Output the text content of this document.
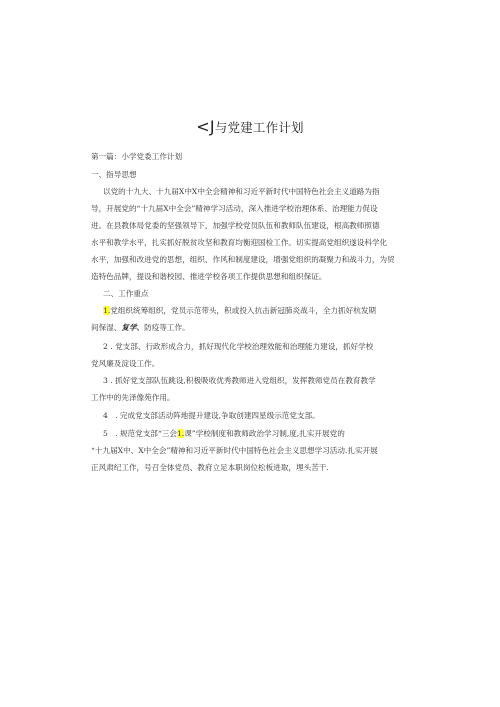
<J与党建工作计划
第一篇：小学党委工作计划
一、指导思想
以党的十九大、十九届X中X中全会精神和习近平新时代中国特色社会主义道路为指
导，开展党的“十九届X中全会”精神学习活动，深入推进学校治理体系、治理能力促设
进。在县教体局党委的坚强领导下，加强学校党员队伍和教师队伍建设，根高教师照德
水平和教学水平，扎实抓好脱贫攻坚和教育均衡迎国检工作。切实提高党组织遂设科学化
水平，加强和改进党的思想，组织、作风和制度建设，增强党组织的凝聚力和战斗力，为贸
造特色品牌，提设和谐校园、推进学校各项工作提供思想和组织保证。
二、工作重点
1.党组织统筹组织，党员示范带头，积或投入抗击新冠肺炎战斗，全力抓好杭发期
间保湿、复学、防疫等工作。
2 . 党支部、行政形成合力，抓好现代化学校治理效能和治理能力建设，抓好学校
党风廉及淀设工作。
3 . 抓好党支部队伍跳设,积极吸收优秀教师进入党组织，发挥教师党员在教育教学
工作中的先泽像苑作用。
4 . 完成党支部活动阵地提升建设,争取创建四星级示范党支部。
5 . 规范党支部“三会1.课”学校制度和教师政治学习制,度,扎实开展党的
“十九届X中、X中全会”精神和习近平新时代中国特色社会主义思想学习活动.扎实开展
正风肃纪工作，号召全体党员、教府立足本职岗位松板进取，埋头苦干.
